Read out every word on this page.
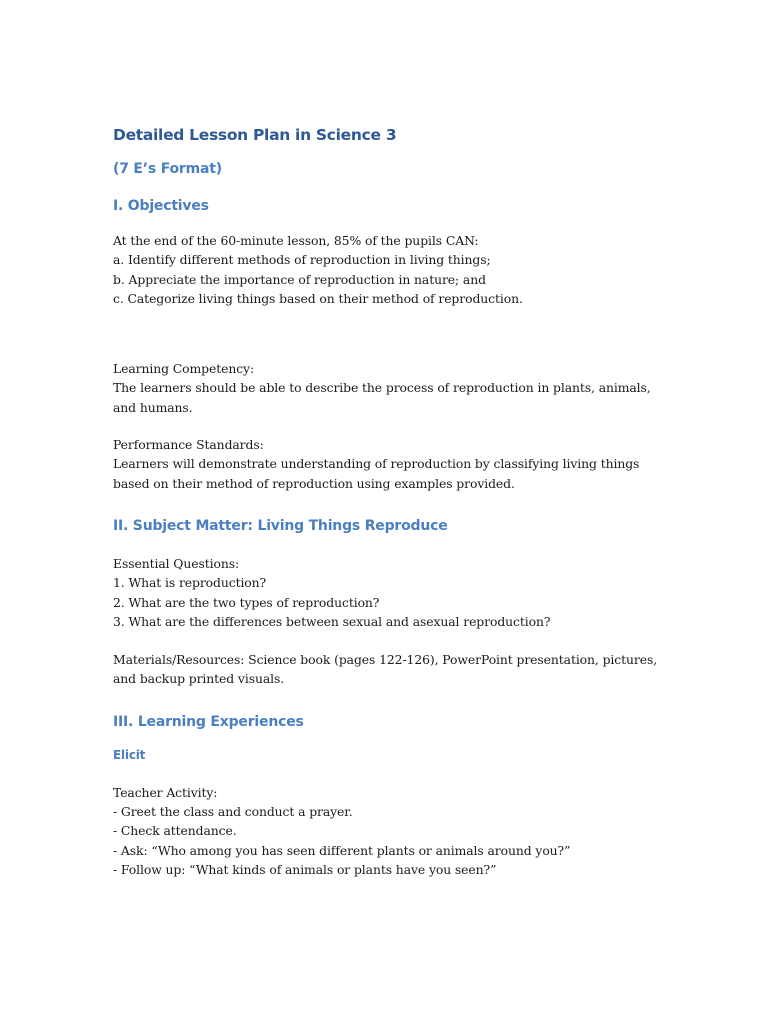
Detailed Lesson Plan in Science 3
(7 E’s Format)
I. Objectives

At the end of the 60-minute lesson, 85% of the pupils CAN:
a. Identify different methods of reproduction in living things;
b. Appreciate the importance of reproduction in nature; and
c. Categorize living things based on their method of reproduction.

Learning Competency:
The learners should be able to describe the process of reproduction in plants, animals, and humans.

Performance Standards:
Learners will demonstrate understanding of reproduction by classifying living things based on their method of reproduction using examples provided.

II. Subject Matter: Living Things Reproduce

Essential Questions:
1. What is reproduction?
2. What are the two types of reproduction?
3. What are the differences between sexual and asexual reproduction?

Materials/Resources: Science book (pages 122-126), PowerPoint presentation, pictures, and backup printed visuals.

III. Learning Experiences
Elicit

Teacher Activity:
- Greet the class and conduct a prayer.
- Check attendance.
- Ask: “Who among you has seen different plants or animals around you?”
- Follow up: “What kinds of animals or plants have you seen?”
